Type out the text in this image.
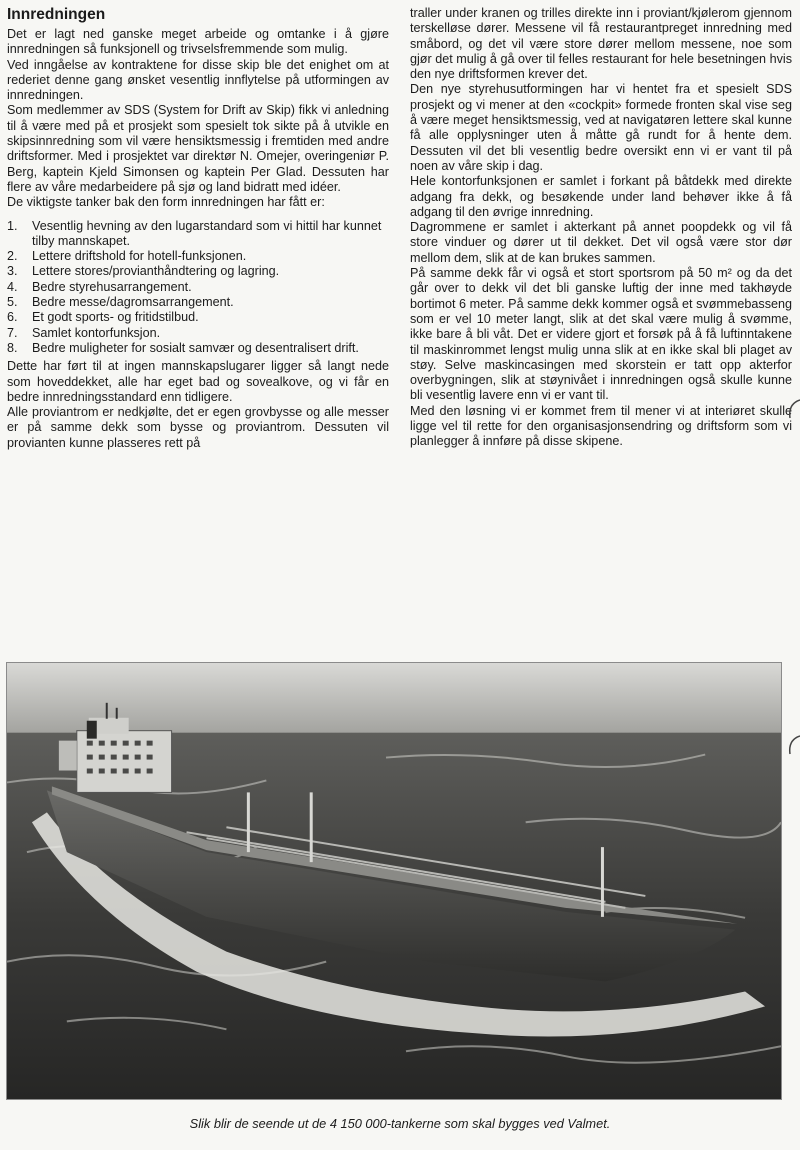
Innredningen

Det er lagt ned ganske meget arbeide og omtanke i å gjøre innredningen så funksjonell og trivselsfremmende som mulig.

Ved inngåelse av kontraktene for disse skip ble det enighet om at rederiet denne gang ønsket vesentlig innflytelse på utformingen av innredningen.

Som medlemmer av SDS (System for Drift av Skip) fikk vi anledning til å være med på et prosjekt som spesielt tok sikte på å utvikle en skipsinnredning som vil være hensiktsmessig i fremtiden med andre driftsformer. Med i prosjektet var direktør N. Omejer, overingeniør P. Berg, kaptein Kjeld Simonsen og kaptein Per Glad. Dessuten har flere av våre medarbeidere på sjø og land bidratt med idéer.

De viktigste tanker bak den form innredningen har fått er:

1. Vesentlig hevning av den lugarstandard som vi hittil har kunnet tilby mannskapet.
2. Lettere driftshold for hotell-funksjonen.
3. Lettere stores/provianthåndtering og lagring.
4. Bedre styrehusarrangement.
5. Bedre messe/dagromsarrangement.
6. Et godt sports- og fritidstilbud.
7. Samlet kontorfunksjon.
8. Bedre muligheter for sosialt samvær og desentralisert drift.

Dette har ført til at ingen mannskapslugarer ligger så langt nede som hoveddekket, alle har eget bad og sovealkove, og vi får en bedre innredningsstandard enn tidligere.

Alle proviantrom er nedkjølte, det er egen grovbysse og alle messer er på samme dekk som bysse og proviantrom. Dessuten vil provianten kunne plasseres rett på

traller under kranen og trilles direkte inn i proviant/kjølerom gjennom terskelløse dører. Messene vil få restaurantpreget innredning med småbord, og det vil være store dører mellom messene, noe som gjør det mulig å gå over til felles restaurant for hele besetningen hvis den nye driftsformen krever det.

Den nye styrehusutformingen har vi hentet fra et spesielt SDS prosjekt og vi mener at den «cockpit» formede fronten skal vise seg å være meget hensiktsmessig, ved at navigatøren lettere skal kunne få alle opplysninger uten å måtte gå rundt for å hente dem. Dessuten vil det bli vesentlig bedre oversikt enn vi er vant til på noen av våre skip i dag.

Hele kontorfunksjonen er samlet i forkant på båtdekk med direkte adgang fra dekk, og besøkende under land behøver ikke å få adgang til den øvrige innredning.

Dagrommene er samlet i akterkant på annet poopdekk og vil få store vinduer og dører ut til dekket. Det vil også være stor dør mellom dem, slik at de kan brukes sammen.

På samme dekk får vi også et stort sportsrom på 50 m² og da det går over to dekk vil det bli ganske luftig der inne med takhøyde bortimot 6 meter. På samme dekk kommer også et svømmebasseng som er vel 10 meter langt, slik at det skal være mulig å svømme, ikke bare å bli våt. Det er videre gjort et forsøk på å få luftinntakene til maskinrommet lengst mulig unna slik at en ikke skal bli plaget av støy. Selve maskincasingen med skorstein er tatt opp akterfor overbygningen, slik at støynivået i innredningen også skulle kunne bli vesentlig lavere enn vi er vant til.

Med den løsning vi er kommet frem til mener vi at interiøret skulle ligge vel til rette for den organisasjonsendring og driftsform som vi planlegger å innføre på disse skipene.

Slik blir de seende ut de 4 150 000-tankerne som skal bygges ved Valmet.
